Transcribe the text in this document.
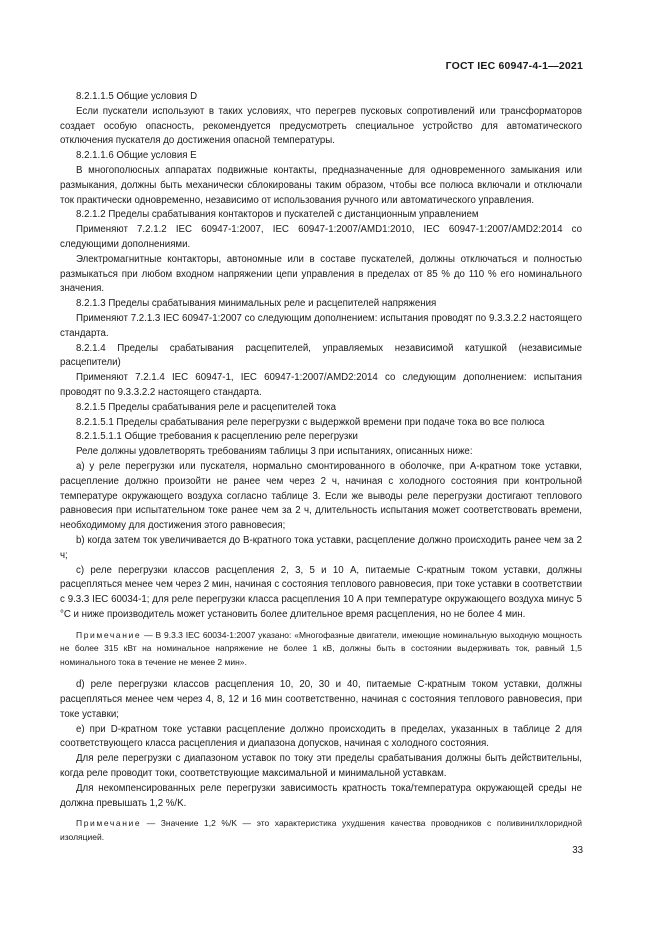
ГОСТ IEC 60947-4-1—2021

8.2.1.1.5 Общие условия D

Если пускатели используют в таких условиях, что перегрев пусковых сопротивлений или трансформаторов создает особую опасность, рекомендуется предусмотреть специальное устройство для автоматического отключения пускателя до достижения опасной температуры.

8.2.1.1.6 Общие условия E

В многополюсных аппаратах подвижные контакты, предназначенные для одновременного замыкания или размыкания, должны быть механически сблокированы таким образом, чтобы все полюса включали и отключали ток практически одновременно, независимо от использования ручного или автоматического управления.

8.2.1.2 Пределы срабатывания контакторов и пускателей с дистанционным управлением

Применяют 7.2.1.2 IEC 60947-1:2007, IEC 60947-1:2007/AMD1:2010, IEC 60947-1:2007/AMD2:2014 со следующими дополнениями.

Электромагнитные контакторы, автономные или в составе пускателей, должны отключаться и полностью размыкаться при любом входном напряжении цепи управления в пределах от 85 % до 110 % его номинального значения.

8.2.1.3 Пределы срабатывания минимальных реле и расцепителей напряжения

Применяют 7.2.1.3 IEC 60947-1:2007 со следующим дополнением: испытания проводят по 9.3.3.2.2 настоящего стандарта.

8.2.1.4 Пределы срабатывания расцепителей, управляемых независимой катушкой (независимые расцепители)

Применяют 7.2.1.4 IEC 60947-1, IEC 60947-1:2007/AMD2:2014 со следующим дополнением: испытания проводят по 9.3.3.2.2 настоящего стандарта.

8.2.1.5 Пределы срабатывания реле и расцепителей тока

8.2.1.5.1 Пределы срабатывания реле перегрузки с выдержкой времени при подаче тока во все полюса

8.2.1.5.1.1 Общие требования к расцеплению реле перегрузки

Реле должны удовлетворять требованиям таблицы 3 при испытаниях, описанных ниже:

a) у реле перегрузки или пускателя, нормально смонтированного в оболочке, при A-кратном токе уставки, расцепление должно произойти не ранее чем через 2 ч, начиная с холодного состояния при контрольной температуре окружающего воздуха согласно таблице 3. Если же выводы реле перегрузки достигают теплового равновесия при испытательном токе ранее чем за 2 ч, длительность испытания может соответствовать времени, необходимому для достижения этого равновесия;

b) когда затем ток увеличивается до B-кратного тока уставки, расцепление должно происходить ранее чем за 2 ч;

c) реле перегрузки классов расцепления 2, 3, 5 и 10 A, питаемые C-кратным током уставки, должны расцепляться менее чем через 2 мин, начиная с состояния теплового равновесия, при токе уставки в соответствии с 9.3.3 IEC 60034-1; для реле перегрузки класса расцепления 10 A при температуре окружающего воздуха минус 5 °C и ниже производитель может установить более длительное время расцепления, но не более 4 мин.

Примечание — В 9.3.3 IEC 60034-1:2007 указано: «Многофазные двигатели, имеющие номинальную выходную мощность не более 315 кВт на номинальное напряжение не более 1 кВ, должны быть в состоянии выдерживать ток, равный 1,5 номинального тока в течение не менее 2 мин».

d) реле перегрузки классов расцепления 10, 20, 30 и 40, питаемые C-кратным током уставки, должны расцепляться менее чем через 4, 8, 12 и 16 мин соответственно, начиная с состояния теплового равновесия, при токе уставки;

e) при D-кратном токе уставки расцепление должно происходить в пределах, указанных в таблице 2 для соответствующего класса расцепления и диапазона допусков, начиная с холодного состояния.

Для реле перегрузки с диапазоном уставок по току эти пределы срабатывания должны быть действительны, когда реле проводит токи, соответствующие максимальной и минимальной уставкам.

Для некомпенсированных реле перегрузки зависимость кратность тока/температура окружающей среды не должна превышать 1,2 %/K.

Примечание — Значение 1,2 %/K — это характеристика ухудшения качества проводников с поливинилхлоридной изоляцией.

33
